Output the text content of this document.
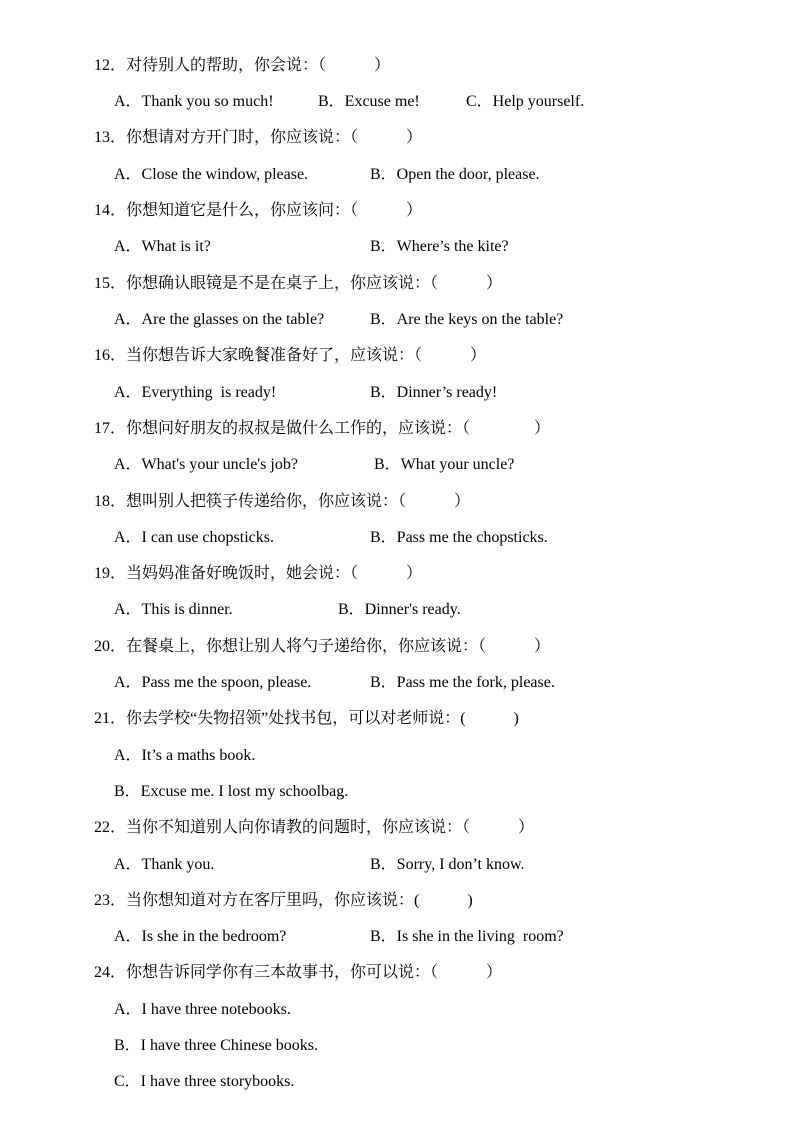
12．对待别人的帮助，你会说：（　　　）
A．Thank you so much!	B．Excuse me!	C．Help yourself.
13．你想请对方开门时，你应该说：（　　　）
A．Close the window, please.	B．Open the door, please.
14．你想知道它是什么，你应该问：（　　　）
A．What is it?	B．Where’s the kite?
15．你想确认眼镜是不是在桌子上，你应该说：（　　　）
A．Are the glasses on the table?	B．Are the keys on the table?
16．当你想告诉大家晚餐准备好了，应该说：（　　　）
A．Everything  is ready!	B．Dinner’s ready!
17．你想问好朋友的叔叔是做什么工作的，应该说：（　　　　）
A．What's your uncle's job?	B．What your uncle?
18．想叫别人把筷子传递给你，你应该说：（　　　）
A．I can use chopsticks.	B．Pass me the chopsticks.
19．当妈妈准备好晚饭时，她会说：（　　　）
A．This is dinner.	B．Dinner's ready.
20．在餐桌上，你想让别人将勺子递给你，你应该说：（　　　）
A．Pass me the spoon, please.	B．Pass me the fork, please.
21．你去学校“失物招领”处找书包，可以对老师说：(　　　)
A．It’s a maths book.
B．Excuse me. I lost my schoolbag.
22．当你不知道别人向你请教的问题时，你应该说：（　　　）
A．Thank you.	B．Sorry, I don’t know.
23．当你想知道对方在客厅里吗，你应该说：(　　　)
A．Is she in the bedroom?	B．Is she in the living  room?
24．你想告诉同学你有三本故事书，你可以说：（　　　）
A．I have three notebooks.
B．I have three Chinese books.
C．I have three storybooks.
